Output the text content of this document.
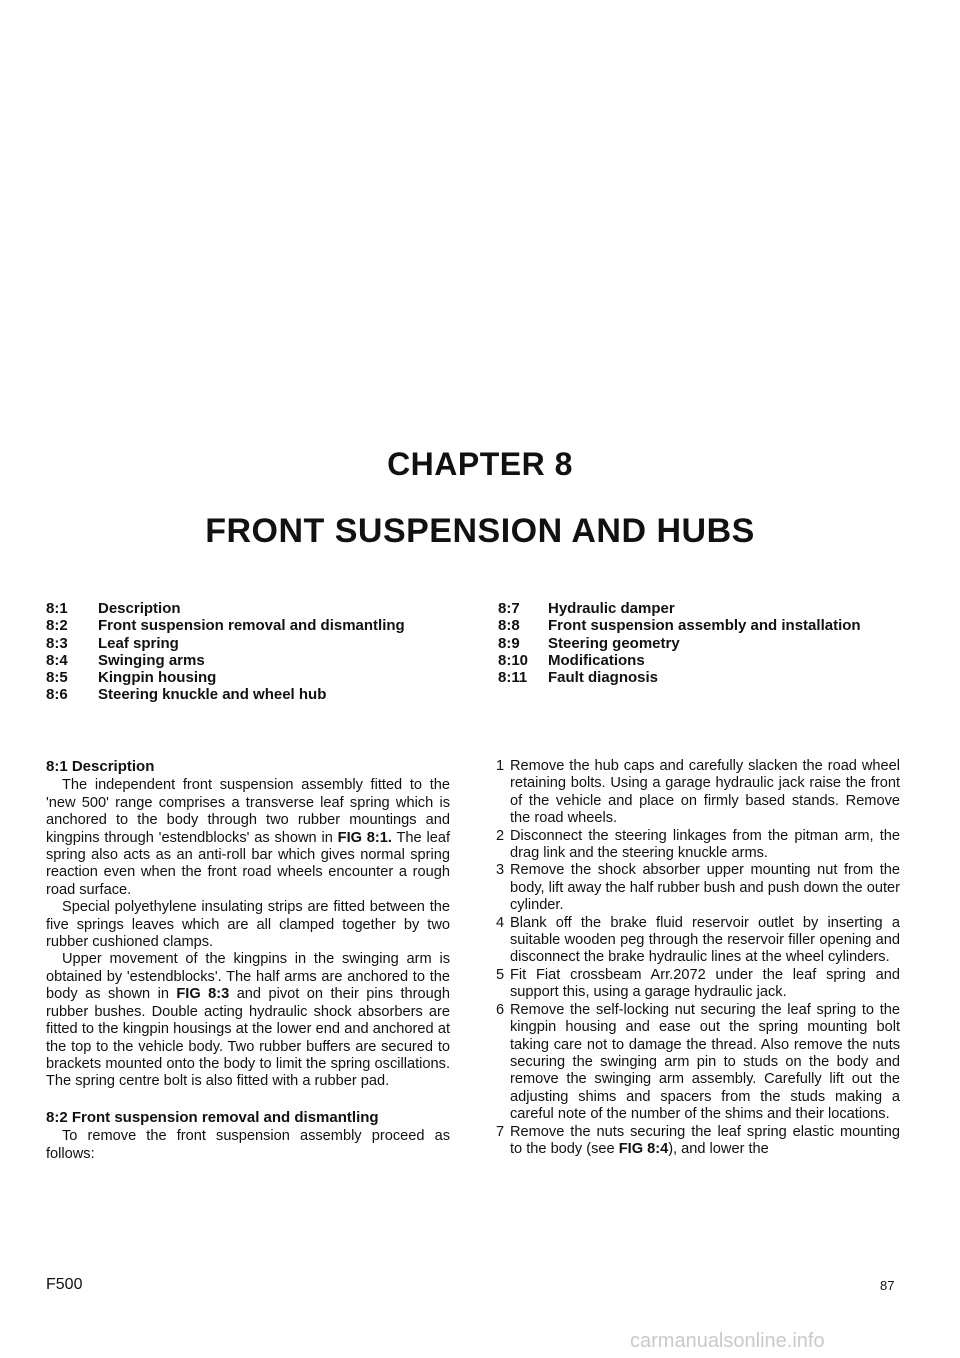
CHAPTER 8
FRONT SUSPENSION AND HUBS
8:1	Description
8:2	Front suspension removal and dismantling
8:3	Leaf spring
8:4	Swinging arms
8:5	Kingpin housing
8:6	Steering knuckle and wheel hub
8:7	Hydraulic damper
8:8	Front suspension assembly and installation
8:9	Steering geometry
8:10	Modifications
8:11	Fault diagnosis

8:1 Description

The independent front suspension assembly fitted to the 'new 500' range comprises a transverse leaf spring which is anchored to the body through two rubber mountings and kingpins through 'estendblocks' as shown in FIG 8:1. The leaf spring also acts as an anti-roll bar which gives normal spring reaction even when the front road wheels encounter a rough road surface.

Special polyethylene insulating strips are fitted between the five springs leaves which are all clamped together by two rubber cushioned clamps.

Upper movement of the kingpins in the swinging arm is obtained by 'estendblocks'. The half arms are anchored to the body as shown in FIG 8:3 and pivot on their pins through rubber bushes. Double acting hydraulic shock absorbers are fitted to the kingpin housings at the lower end and anchored at the top to the vehicle body. Two rubber buffers are secured to brackets mounted onto the body to limit the spring oscillations. The spring centre bolt is also fitted with a rubber pad.

8:2 Front suspension removal and dismantling

To remove the front suspension assembly proceed as follows:

1 Remove the hub caps and carefully slacken the road wheel retaining bolts. Using a garage hydraulic jack raise the front of the vehicle and place on firmly based stands. Remove the road wheels.
2 Disconnect the steering linkages from the pitman arm, the drag link and the steering knuckle arms.
3 Remove the shock absorber upper mounting nut from the body, lift away the half rubber bush and push down the outer cylinder.
4 Blank off the brake fluid reservoir outlet by inserting a suitable wooden peg through the reservoir filler opening and disconnect the brake hydraulic lines at the wheel cylinders.
5 Fit Fiat crossbeam Arr.2072 under the leaf spring and support this, using a garage hydraulic jack.
6 Remove the self-locking nut securing the leaf spring to the kingpin housing and ease out the spring mounting bolt taking care not to damage the thread. Also remove the nuts securing the swinging arm pin to studs on the body and remove the swinging arm assembly. Carefully lift out the adjusting shims and spacers from the studs making a careful note of the number of the shims and their locations.
7 Remove the nuts securing the leaf spring elastic mounting to the body (see FIG 8:4), and lower the
F500	87
carmanualsonline.info
